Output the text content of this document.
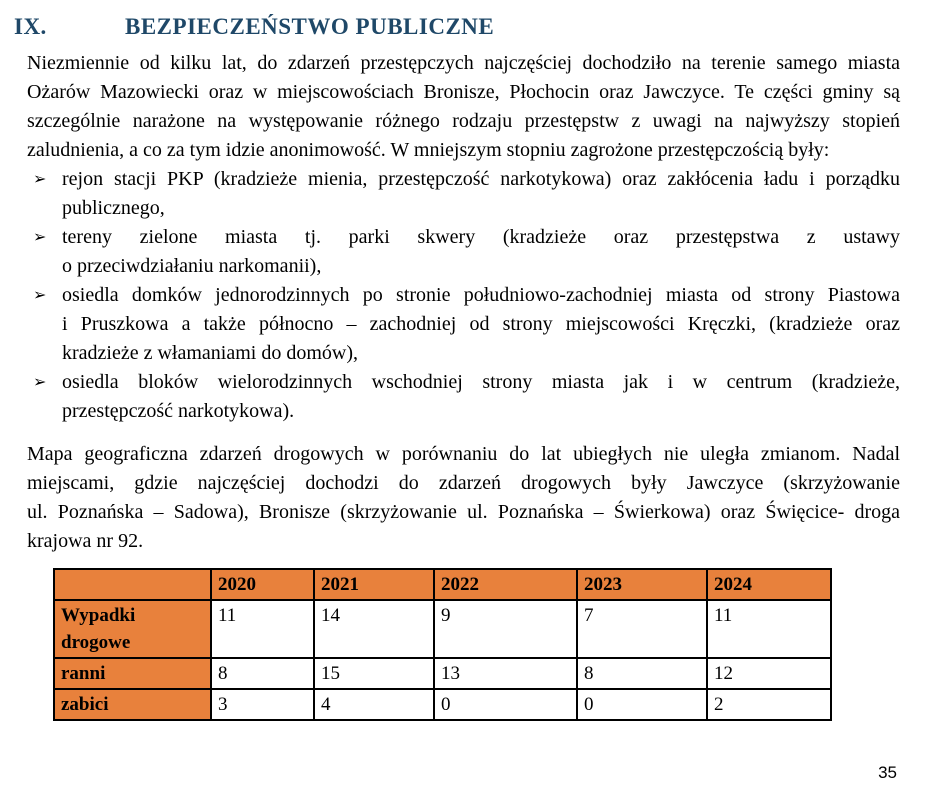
IX.	BEZPIECZEŃSTWO PUBLICZNE
Niezmiennie od kilku lat, do zdarzeń przestępczych najczęściej dochodziło na terenie samego miasta
Ożarów Mazowiecki oraz w miejscowościach Bronisze, Płochocin oraz Jawczyce. Te części gminy są
szczególnie narażone na występowanie różnego rodzaju przestępstw z uwagi na najwyższy stopień
zaludnienia, a co za tym idzie anonimowość. W mniejszym stopniu zagrożone przestępczością były:
➢ rejon stacji PKP (kradzieże mienia, przestępczość narkotykowa) oraz zakłócenia ładu i porządku
publicznego,
➢ tereny zielone miasta tj. parki skwery (kradzieże oraz przestępstwa z ustawy
o przeciwdziałaniu narkomanii),
➢ osiedla domków jednorodzinnych po stronie południowo-zachodniej miasta od strony Piastowa
i Pruszkowa a także północno – zachodniej od strony miejscowości Kręczki, (kradzieże oraz
kradzieże z włamaniami do domów),
➢ osiedla bloków wielorodzinnych wschodniej strony miasta jak i w centrum (kradzieże,
przestępczość narkotykowa).
Mapa geograficzna zdarzeń drogowych w porównaniu do lat ubiegłych nie uległa zmianom. Nadal
miejscami, gdzie najczęściej dochodzi do zdarzeń drogowych były Jawczyce (skrzyżowanie
ul. Poznańska – Sadowa), Bronisze (skrzyżowanie ul. Poznańska – Świerkowa) oraz Święcice- droga
krajowa nr 92.
	2020	2021	2022	2023	2024
Wypadki drogowe	11	14	9	7	11
ranni	8	15	13	8	12
zabici	3	4	0	0	2
35
